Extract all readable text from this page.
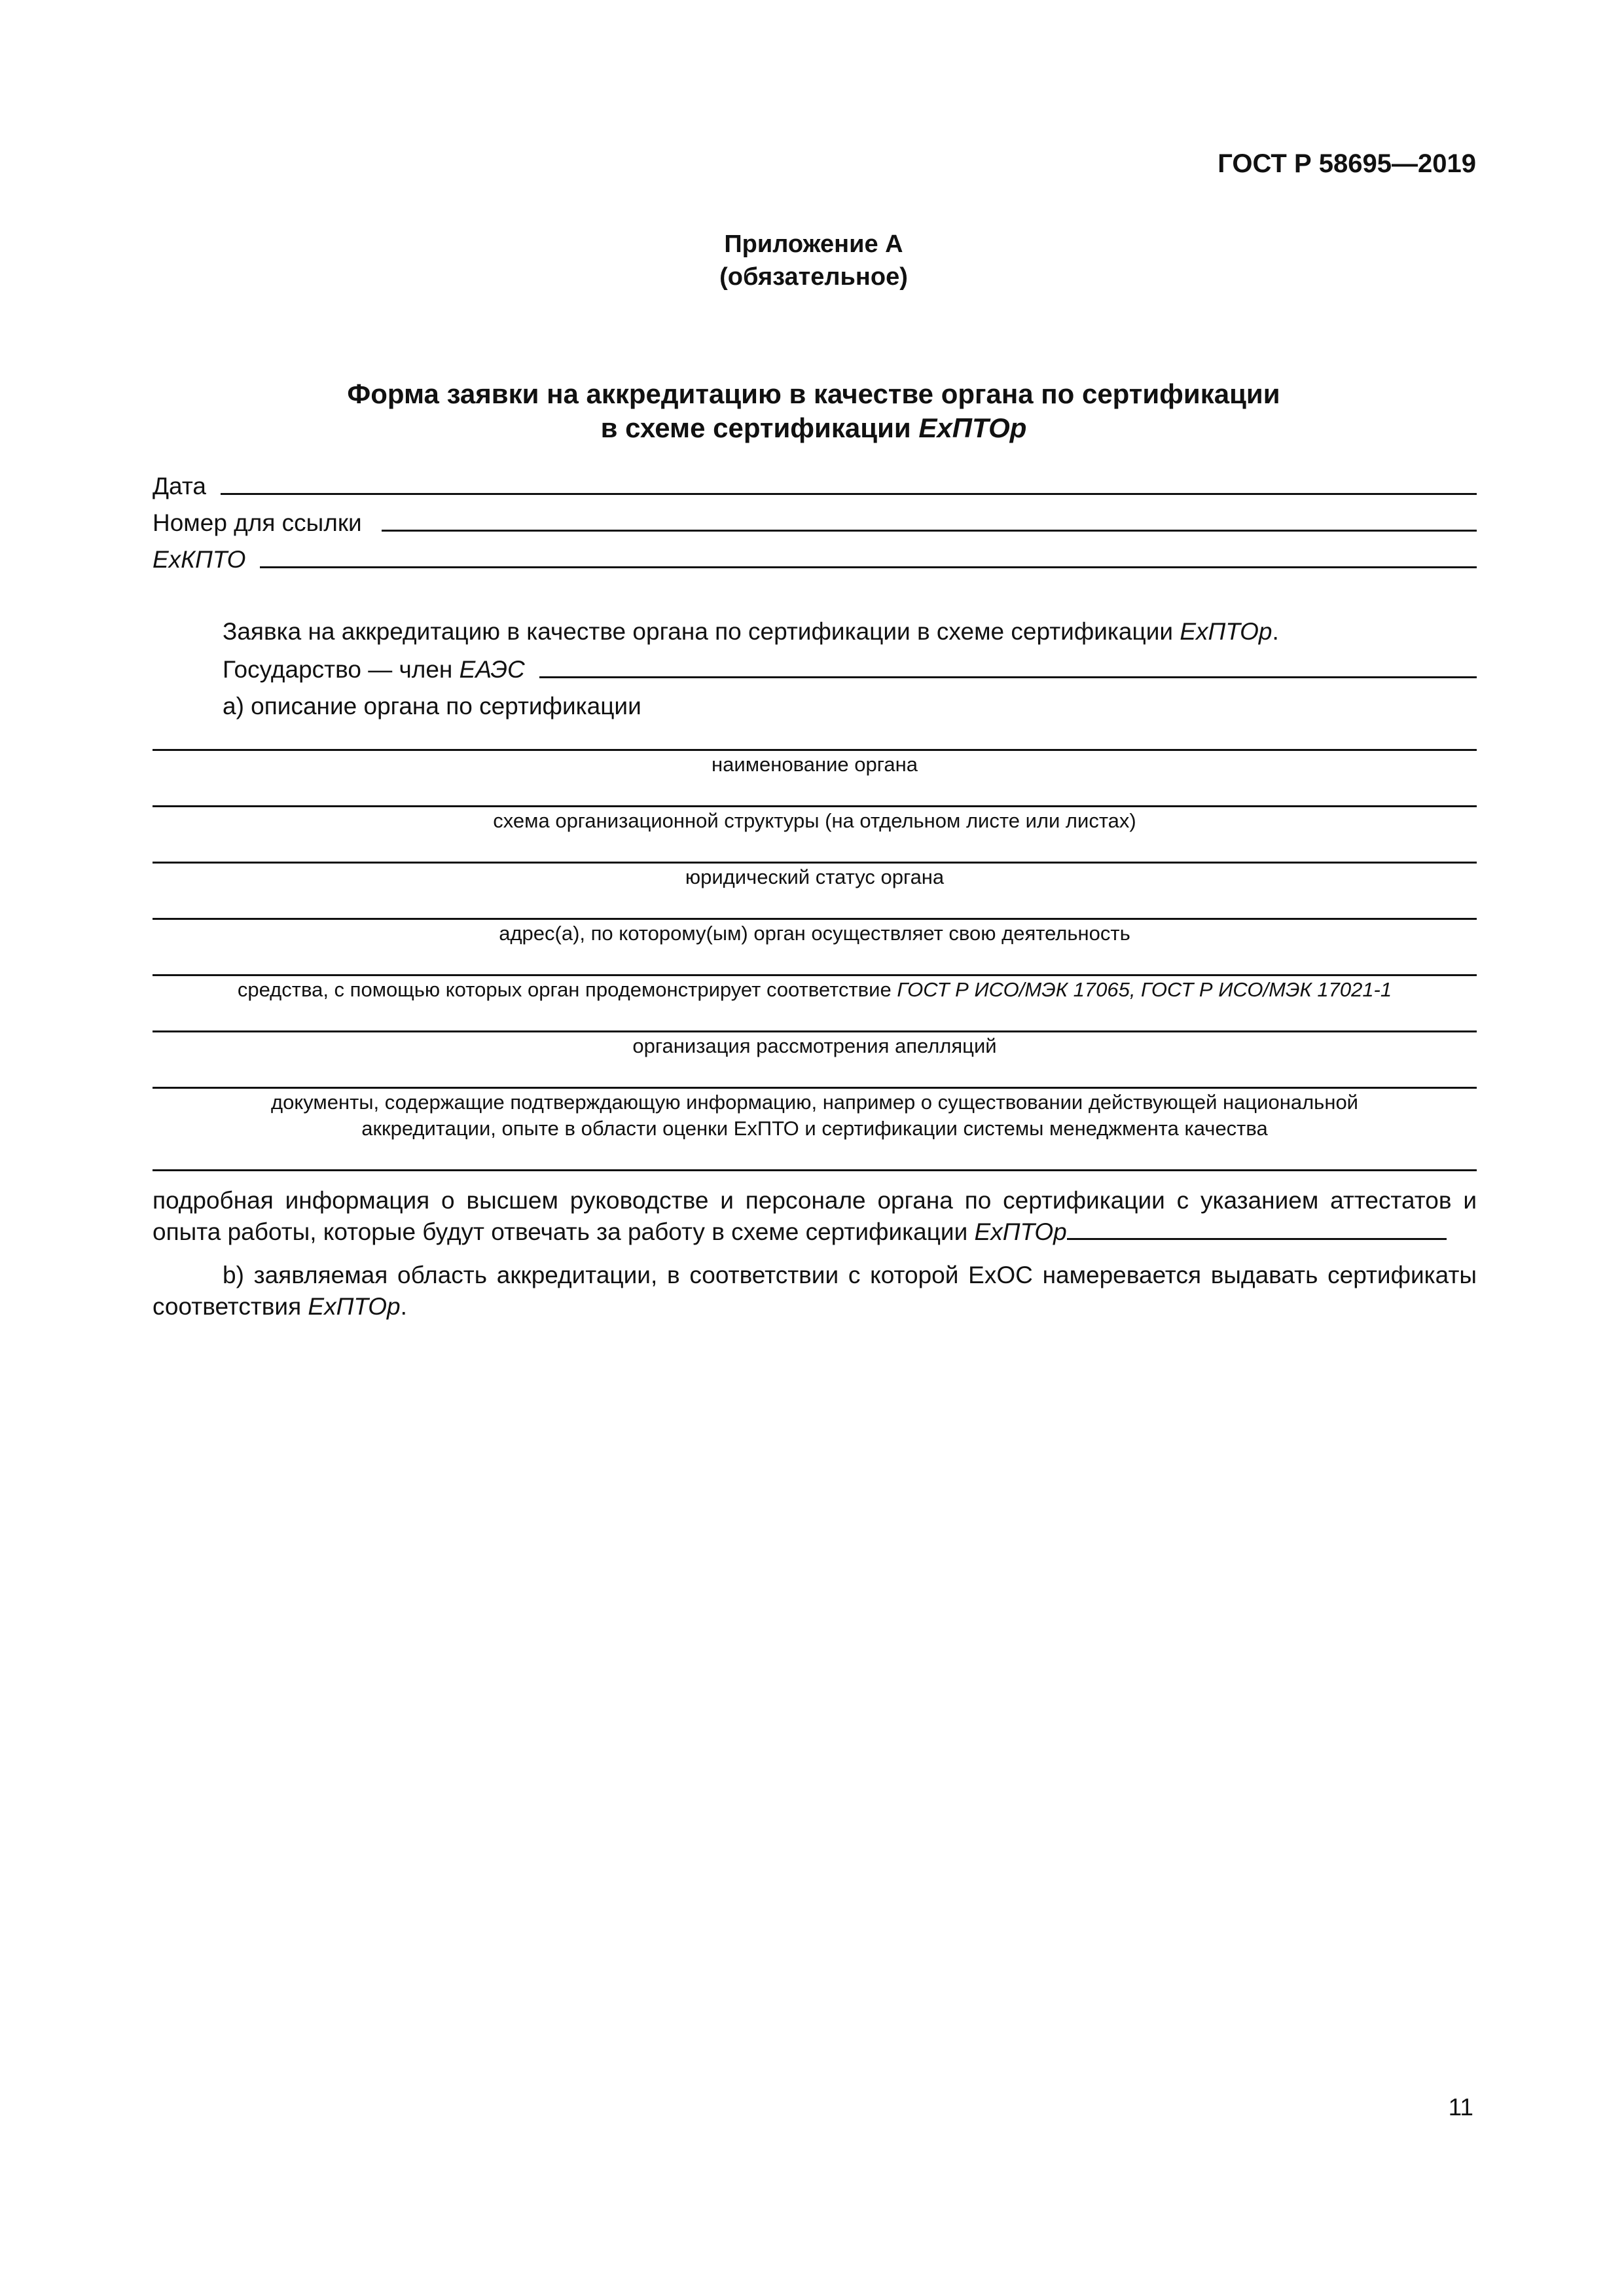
ГОСТ Р 58695—2019
Приложение А
(обязательное)
Форма заявки на аккредитацию в качестве органа по сертификации
в схеме сертификации ExПТОр
Дата
Номер для ссылки
ЕхКПТО
Заявка на аккредитацию в качестве органа по сертификации в схеме сертификации ExПТОр.
Государство — член ЕАЭС
а) описание органа по сертификации
наименование органа
схема организационной структуры (на отдельном листе или листах)
юридический статус органа
адрес(а), по которому(ым) орган осуществляет свою деятельность
средства, с помощью которых орган продемонстрирует соответствие ГОСТ Р ИСО/МЭК 17065, ГОСТ Р ИСО/МЭК 17021-1
организация рассмотрения апелляций
документы, содержащие подтверждающую информацию, например о существовании действующей национальной
аккредитации, опыте в области оценки ЕхПТО и сертификации системы менеджмента качества
подробная информация о высшем руководстве и персонале органа по сертификации с указанием аттестатов и опыта работы, которые будут отвечать за работу в схеме сертификации ExПТОр
b) заявляемая область аккредитации, в соответствии с которой ExOC намеревается выдавать сертификаты соответствия ExПТОр.
11
